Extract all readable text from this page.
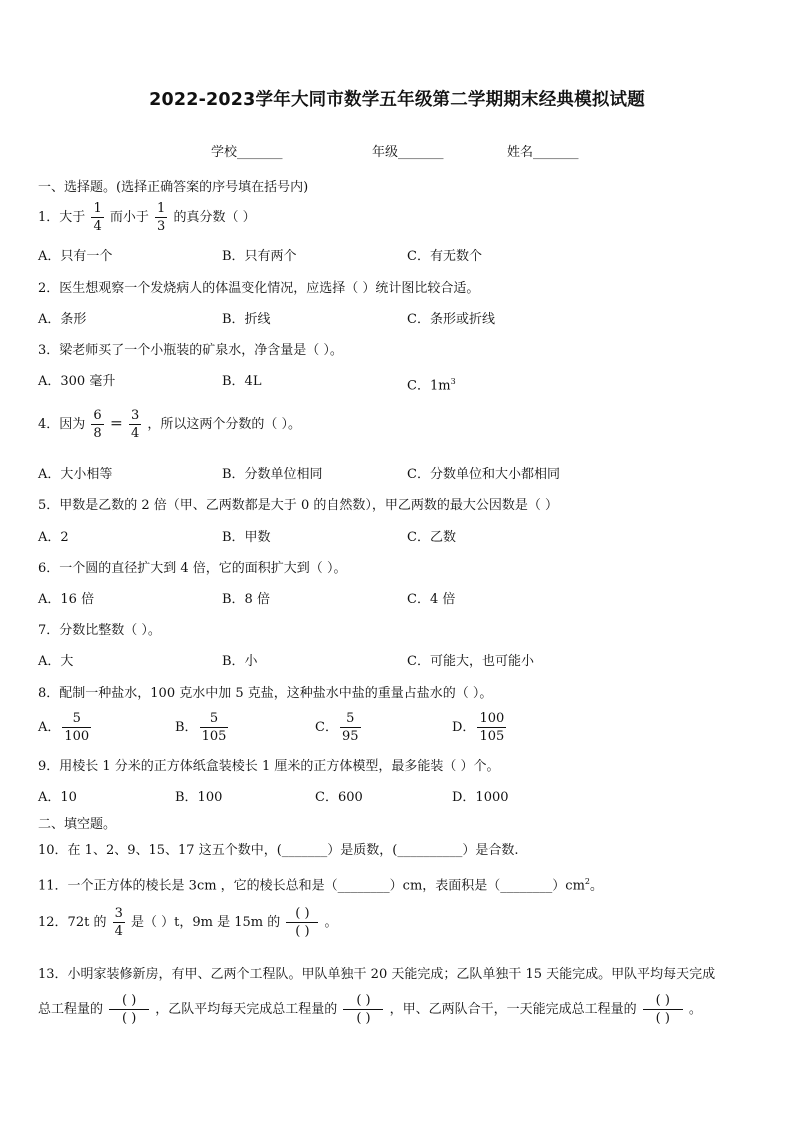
2022-2023学年大同市数学五年级第二学期期末经典模拟试题
学校_______	年级_______	姓名_______
一、选择题。(选择正确答案的序号填在括号内)
1．大于 $\frac{1}{4}$ 而小于 $\frac{1}{3}$ 的真分数（ ）
A．只有一个	B．只有两个	C．有无数个
2．医生想观察一个发烧病人的体温变化情况，应选择（ ）统计图比较合适。
A．条形	B．折线	C．条形或折线
3．梁老师买了一个小瓶装的矿泉水，净含量是（ ）。
A．300 毫升	B．4L	C．$1m^3$
4．因为 $\frac{6}{8} = \frac{3}{4}$ ，所以这两个分数的（ ）。
A．大小相等	B．分数单位相同	C．分数单位和大小都相同
5．甲数是乙数的 2 倍（甲、乙两数都是大于 0 的自然数），甲乙两数的最大公因数是（ ）
A．2	B．甲数	C．乙数
6．一个圆的直径扩大到 4 倍，它的面积扩大到（ ）。
A．16 倍	B．8 倍	C．4 倍
7．分数比整数（ ）。
A．大	B．小	C．可能大，也可能小
8．配制一种盐水，100 克水中加 5 克盐，这种盐水中盐的重量占盐水的（ ）。
A． $\frac{5}{100}$	B． $\frac{5}{105}$	C． $\frac{5}{95}$	D． $\frac{100}{105}$
9．用棱长 1 分米的正方体纸盒装棱长 1 厘米的正方体模型，最多能装（ ）个。
A．10	B．100	C．600	D．1000
二、填空题。
10．在 1、2、9、15、17 这五个数中，(_______）是质数，(__________）是合数.
11．一个正方体的棱长是 3cm ，它的棱长总和是（________）cm，表面积是$(\_\_\_\_\_\_\_\_)cm^2$。
12．72t 的 $\frac{3}{4}$ 是（ ）t，9m 是 15m 的 $\frac{( )}{( )}$ 。
13．小明家装修新房，有甲、乙两个工程队。甲队单独干 20 天能完成；乙队单独干 15 天能完成。甲队平均每天完成
总工程量的 $\frac{( )}{( )}$ ，乙队平均每天完成总工程量的 $\frac{( )}{( )}$ ，甲、乙两队合干，一天能完成总工程量的 $\frac{( )}{( )}$ 。
